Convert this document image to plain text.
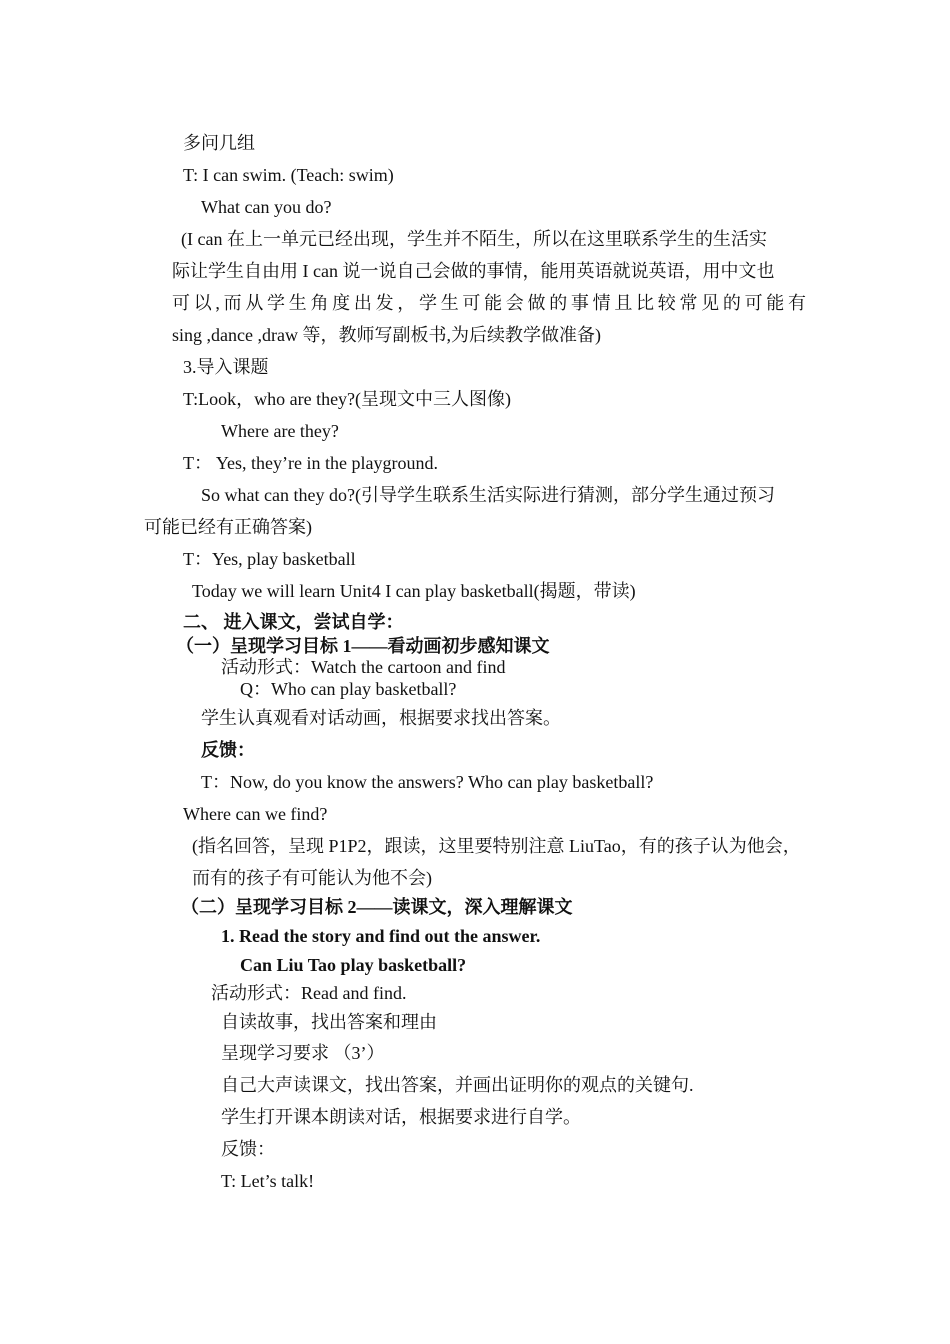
多问几组
T: I can swim. (Teach: swim)
What can you do?
(I can 在上一单元已经出现，学生并不陌生，所以在这里联系学生的生活实
际让学生自由用 I can 说一说自己会做的事情，能用英语就说英语，用中文也
可以,而从学生角度出发，学生可能会做的事情且比较常见的可能有
sing ,dance ,draw 等，教师写副板书,为后续教学做准备)
3.导入课题
T:Look，who are they?(呈现文中三人图像)
Where are they?
T： Yes, they’re in the playground.
So what can they do?(引导学生联系生活实际进行猜测，部分学生通过预习
可能已经有正确答案)
T：Yes, play basketball
Today we will learn Unit4 I can play basketball(揭题，带读)
二、 进入课文，尝试自学：
（一）呈现学习目标 1——看动画初步感知课文
活动形式：Watch the cartoon and find
Q：Who can play basketball?
学生认真观看对话动画，根据要求找出答案。
反馈：
T：Now, do you know the answers? Who can play basketball?
Where can we find?
(指名回答，呈现 P1P2，跟读，这里要特别注意 LiuTao，有的孩子认为他会，
而有的孩子有可能认为他不会)
（二）呈现学习目标 2——读课文，深入理解课文
1. Read the story and find out the answer.
Can Liu Tao play basketball?
活动形式：Read and find.
自读故事，找出答案和理由
呈现学习要求 （3’）
自己大声读课文，找出答案，并画出证明你的观点的关键句.
学生打开课本朗读对话，根据要求进行自学。
反馈：
T: Let’s talk!
